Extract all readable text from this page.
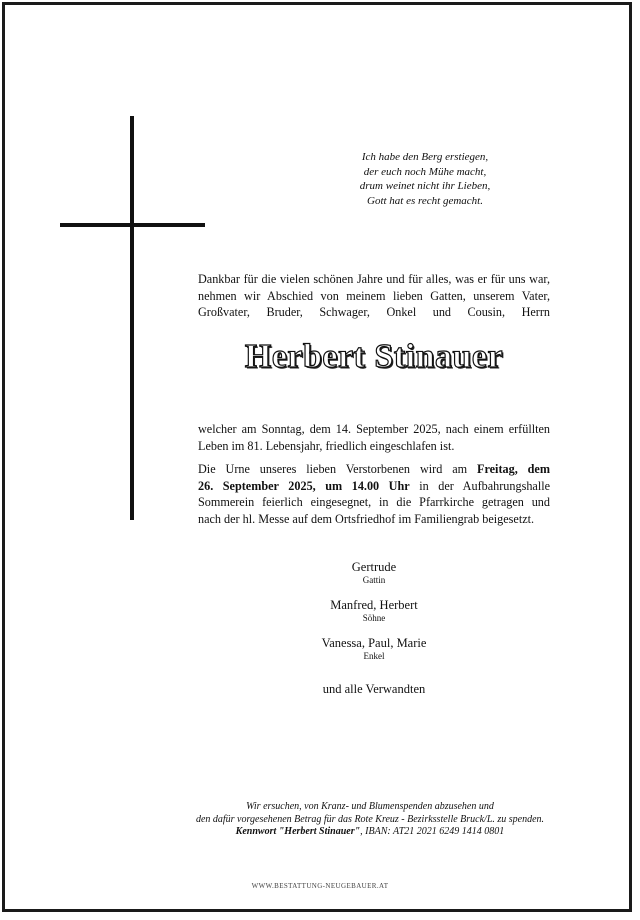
Ich habe den Berg erstiegen,
der euch noch Mühe macht,
drum weinet nicht ihr Lieben,
Gott hat es recht gemacht.
Dankbar für die vielen schönen Jahre und für alles, was er für uns war,
nehmen wir Abschied von meinem lieben Gatten, unserem Vater,
Großvater, Bruder, Schwager, Onkel und Cousin, Herrn
Herbert Stinauer
welcher am Sonntag, dem 14. September 2025, nach einem erfüllten
Leben im 81. Lebensjahr, friedlich eingeschlafen ist.
Die Urne unseres lieben Verstorbenen wird am Freitag, dem
26. September 2025, um 14.00 Uhr in der Aufbahrungshalle
Sommerein feierlich eingesegnet, in die Pfarrkirche getragen und
nach der hl. Messe auf dem Ortsfriedhof im Familiengrab beigesetzt.
Gertrude
Gattin
Manfred, Herbert
Söhne
Vanessa, Paul, Marie
Enkel
und alle Verwandten
Wir ersuchen, von Kranz- und Blumenspenden abzusehen und
den dafür vorgesehenen Betrag für das Rote Kreuz - Bezirksstelle Bruck/L. zu spenden.
Kennwort "Herbert Stinauer", IBAN: AT21 2021 6249 1414 0801
WWW.BESTATTUNG-NEUGEBAUER.AT
